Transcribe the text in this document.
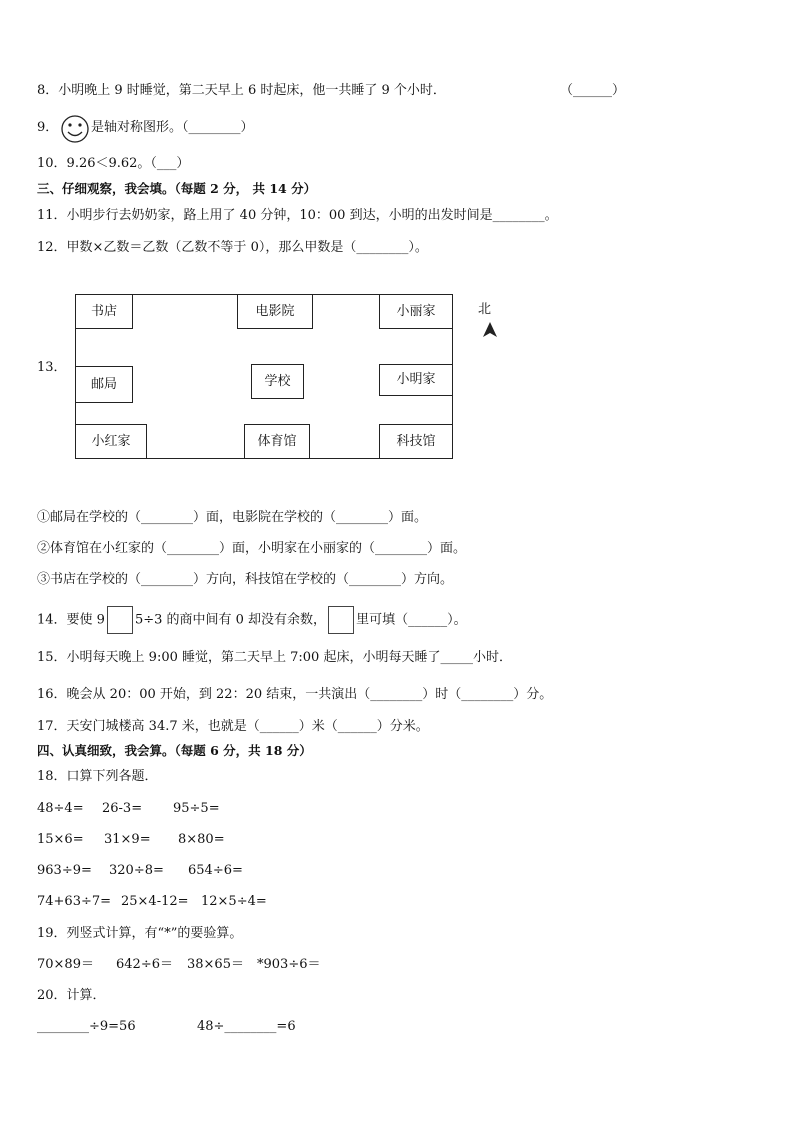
8．小明晚上 9 时睡觉，第二天早上 6 时起床，他一共睡了 9 个小时．	（______）
9．	是轴对称图形。（________）
10．9.26＜9.62。（___）
三、仔细观察，我会填。（每题 2 分， 共 14 分）
11．小明步行去奶奶家，路上用了 40 分钟，10：00 到达，小明的出发时间是________。
12．甲数×乙数＝乙数（乙数不等于 0），那么甲数是（________）。
13．
书店	电影院	小丽家
邮局	学校	小明家
小红家	体育馆	科技馆
北
①邮局在学校的（________）面，电影院在学校的（________）面。
②体育馆在小红家的（________）面，小明家在小丽家的（________）面。
③书店在学校的（________）方向，科技馆在学校的（________）方向。
14．要使 9 5÷3 的商中间有 0 却没有余数， 里可填（______）。
15．小明每天晚上 9:00 睡觉，第二天早上 7:00 起床，小明每天睡了_____小时．
16．晚会从 20：00 开始，到 22：20 结束，一共演出（________）时（________）分。
17．天安门城楼高 34.7 米，也就是（______）米（______）分米。
四、认真细致，我会算。（每题 6 分，共 18 分）
18．口算下列各题．
48÷4= 26-3= 95÷5=
15×6= 31×9= 8×80=
963÷9= 320÷8= 654÷6=
74+63÷7= 25×4-12= 12×5÷4=
19．列竖式计算，有“*”的要验算。
70×89＝ 642÷6＝ 38×65＝ *903÷6＝
20．计算．
________÷9=56	48÷________=6
